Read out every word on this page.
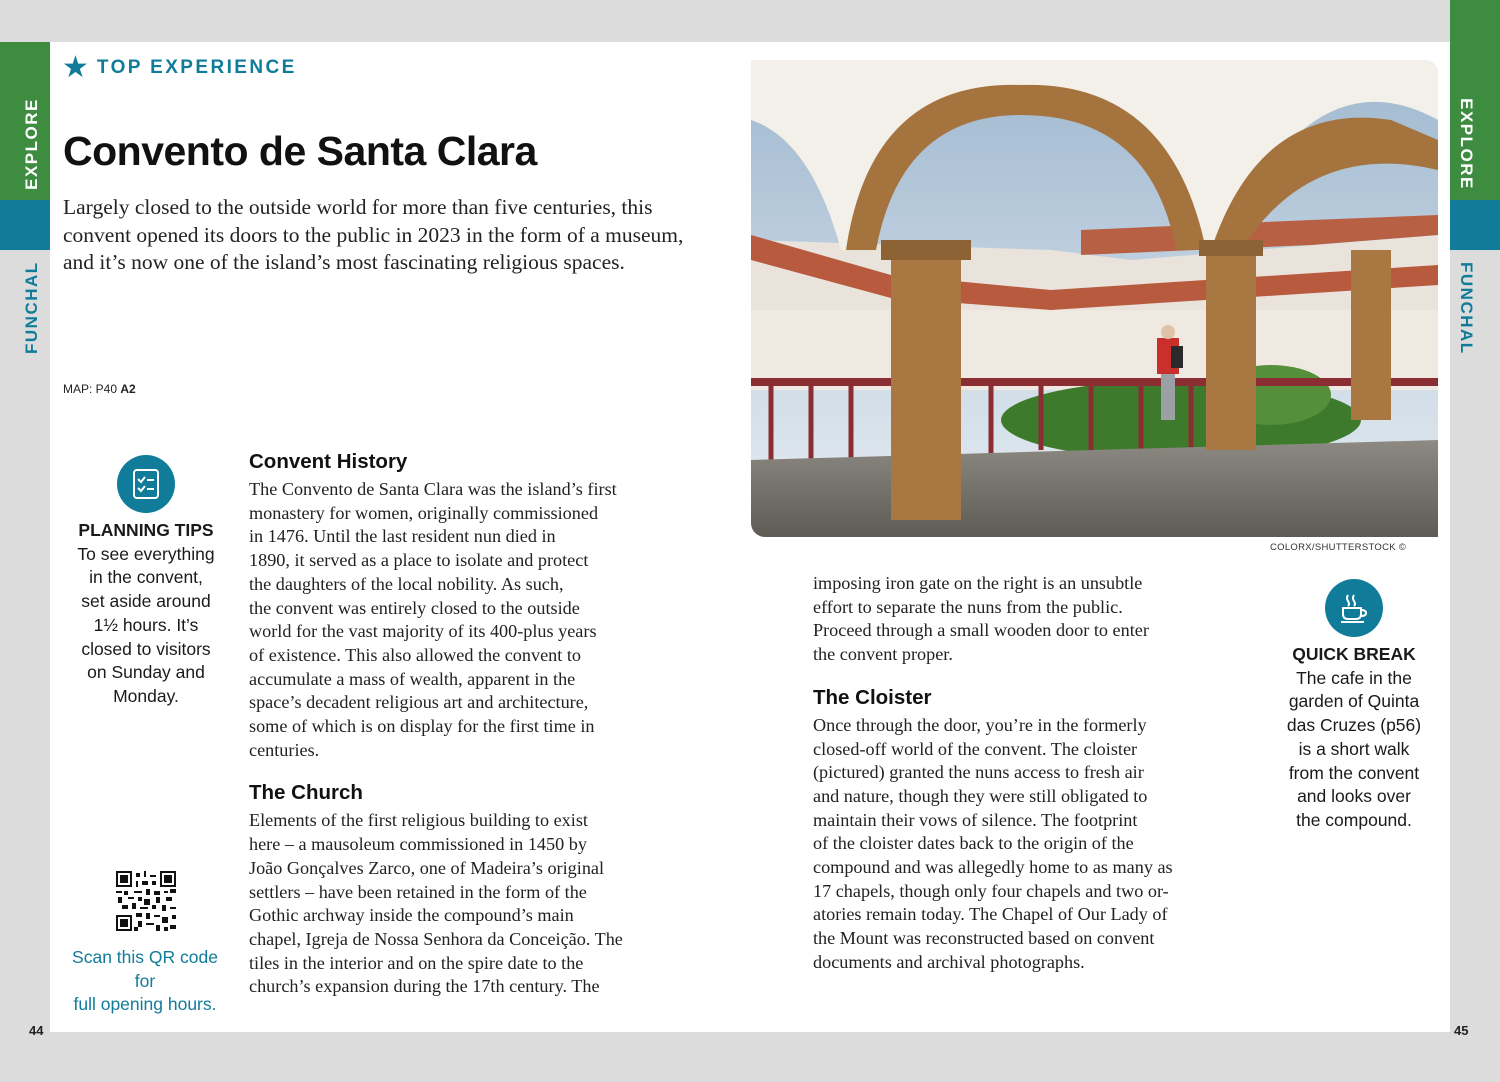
EXPLORE
FUNCHAL
EXPLORE
FUNCHAL
★ TOP EXPERIENCE
Convento de Santa Clara
Largely closed to the outside world for more than five centuries, this convent opened its doors to the public in 2023 in the form of a museum, and it’s now one of the island’s most fascinating religious spaces.
MAP: P40 A2
PLANNING TIPS
To see everything
in the convent,
set aside around
1½ hours. It’s
closed to visitors
on Sunday and
Monday.
Scan this QR code for
full opening hours.
Convent History

The Convento de Santa Clara was the island’s first
monastery for women, originally commissioned
in 1476. Until the last resident nun died in
1890, it served as a place to isolate and protect
the daughters of the local nobility. As such,
the convent was entirely closed to the outside
world for the vast majority of its 400-plus years
of existence. This also allowed the convent to
accumulate a mass of wealth, apparent in the
space’s decadent religious art and architecture,
some of which is on display for the first time in
centuries.

The Church

Elements of the first religious building to exist
here – a mausoleum commissioned in 1450 by
João Gonçalves Zarco, one of Madeira’s original
settlers – have been retained in the form of the
Gothic archway inside the compound’s main
chapel, Igreja de Nossa Senhora da Conceição. The
tiles in the interior and on the spire date to the
church’s expansion during the 17th century. The

COLORX/SHUTTERSTOCK ©

imposing iron gate on the right is an unsubtle
effort to separate the nuns from the public.
Proceed through a small wooden door to enter
the convent proper.

The Cloister

Once through the door, you’re in the formerly
closed-off world of the convent. The cloister
(pictured) granted the nuns access to fresh air
and nature, though they were still obligated to
maintain their vows of silence. The footprint
of the cloister dates back to the origin of the
compound and was allegedly home to as many as
17 chapels, though only four chapels and two or-
atories remain today. The Chapel of Our Lady of
the Mount was reconstructed based on convent
documents and archival photographs.

QUICK BREAK
The cafe in the
garden of Quinta
das Cruzes (p56)
is a short walk
from the convent
and looks over
the compound.
44	45
